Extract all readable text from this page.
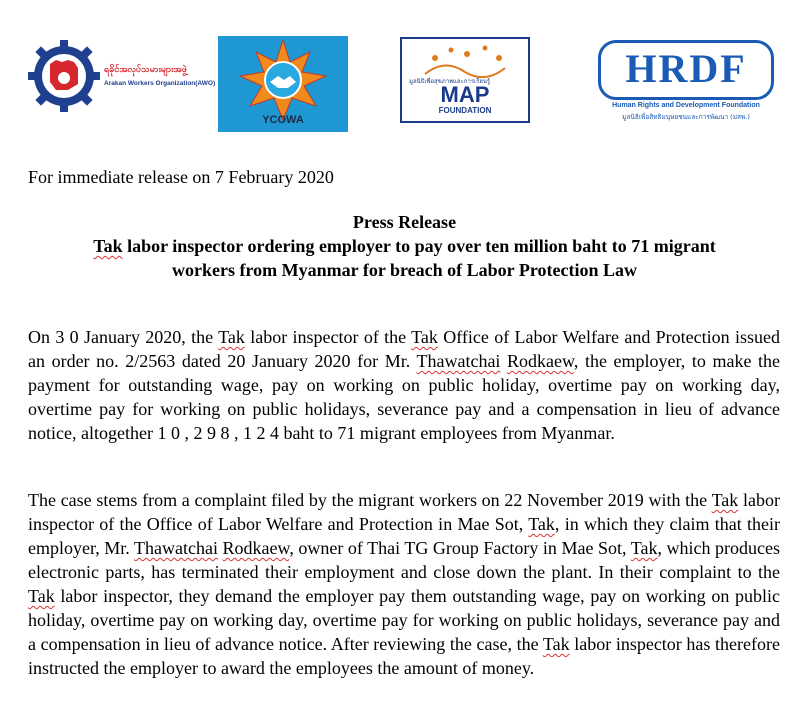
ရခိုင်အလုပ်သမားများအဖွဲ့
Arakan Workers Organization(AWO)
YCOWA
มูลนิธิเพื่อสุขภาพและการเรียนรู้
MAP
FOUNDATION
HRDF
Human Rights and Development Foundation
มูลนิธิเพื่อสิทธิมนุษยชนและการพัฒนา (มสพ.)
For immediate release on 7 February 2020
Press Release
Tak labor inspector ordering employer to pay over ten million baht to 71 migrant
workers from Myanmar for breach of Labor Protection Law

On 3 0 January 2020, the Tak labor inspector of the Tak Office of Labor Welfare and Protection issued an order no. 2/2563 dated 20 January 2020 for Mr. Thawatchai Rodkaew, the employer, to make the payment for outstanding wage, pay on working on public holiday, overtime pay on working day, overtime pay for working on public holidays, severance pay and a compensation in lieu of advance notice, altogether 1 0 , 2 9 8 , 1 2 4 baht to 71 migrant employees from Myanmar.

The case stems from a complaint filed by the migrant workers on 22 November 2019 with the Tak labor inspector of the Office of Labor Welfare and Protection in Mae Sot, Tak, in which they claim that their employer, Mr. Thawatchai Rodkaew, owner of Thai TG Group Factory in Mae Sot, Tak, which produces electronic parts, has terminated their employment and close down the plant. In their complaint to the Tak labor inspector, they demand the employer pay them outstanding wage, pay on working on public holiday, overtime pay on working day, overtime pay for working on public holidays, severance pay and a compensation in lieu of advance notice. After reviewing the case, the Tak labor inspector has therefore instructed the employer to award the employees the amount of money.
